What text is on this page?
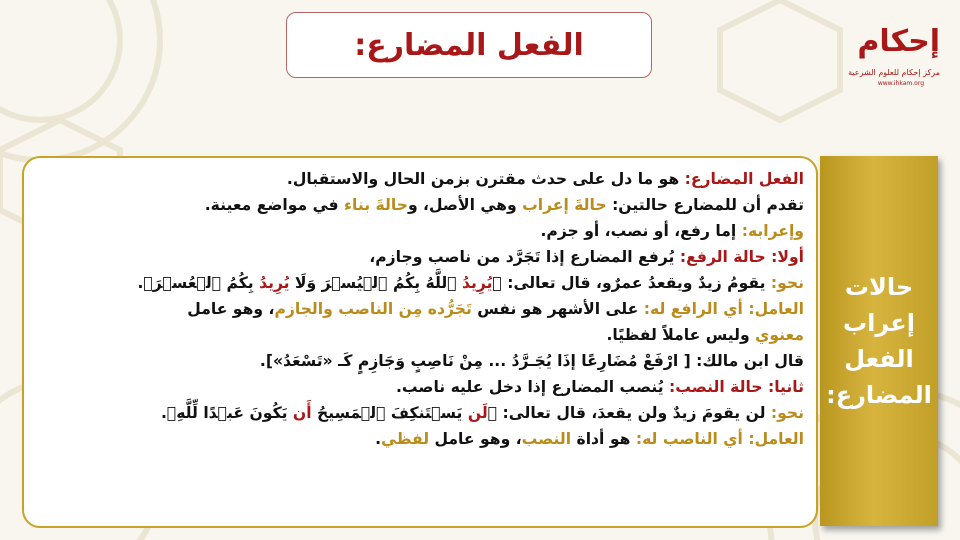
الفعل المضارع:	إحكام
مركز إحكام للعلوم الشرعية
www.ihkam.org
الفعل المضارع: هو ما دل على حدث مقترن بزمن الحال والاستقبال.
تقدم أن للمضارع حالتين: حالةَ إعراب وهي الأصل، وحالةَ بناء في مواضع معينة.
وإعرابه: إما رفع، أو نصب، أو جزم.
أولا: حالة الرفع: يُرفع المضارع إذا تَجَرَّد من ناصب وجازم،
نحو: يقومُ زيدٌ ويقعدُ عمرٌو، قال تعالى: ﴿يُرِيدُ ٱللَّهُ بِكُمُ ٱلۡيُسۡرَ وَلَا يُرِيدُ بِكُمُ ٱلۡعُسۡرَ﴾.
العامل: أي الرافع له: على الأشهر هو نفس تَجَرُّده مِن الناصب والجازم، وهو عامل
معنوي وليس عاملاً لفظيًا.
قال ابن مالك: [ ارْفَعْ مُضَارِعًا إذَا يُجَـرَّدُ ... مِنْ نَاصِبٍ وَجَازِمٍ كَـ «تَسْعَدُ»].
ثانيا: حالة النصب: يُنصب المضارع إذا دخل عليه ناصب.
نحو: لن يقومَ زيدٌ ولن يقعدَ، قال تعالى: ﴿لَن يَسۡتَنكِفَ ٱلۡمَسِيحُ أَن يَكُونَ عَبۡدًا لِّلَّهِ﴾.
العامل: أي الناصب له: هو أداة النصب، وهو عامل لفظي.
حالات
إعراب
الفعل
المضارع:
